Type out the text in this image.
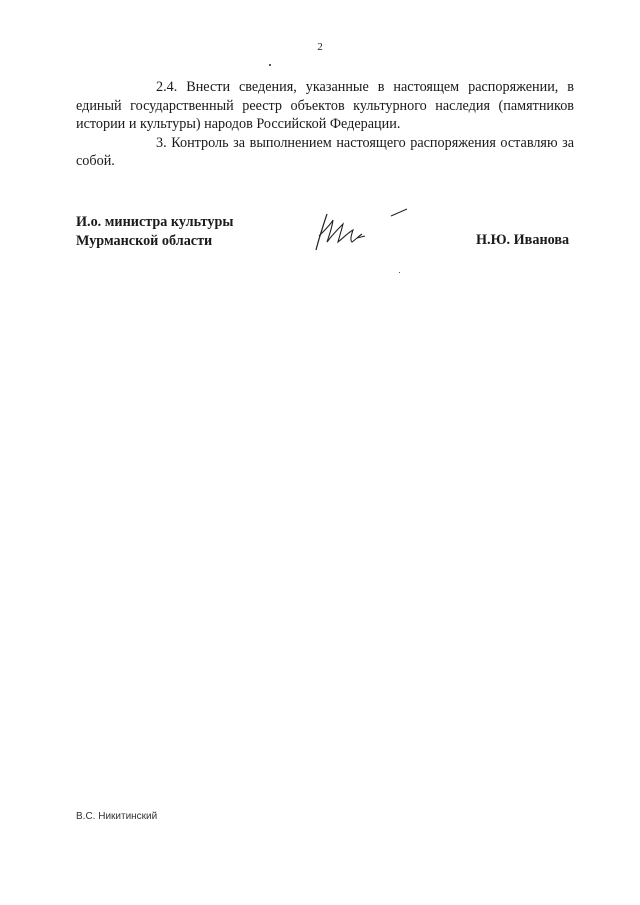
2

2.4. Внести сведения, указанные в настоящем распоряжении, в единый государственный реестр объектов культурного наследия (памятников истории и культуры) народов Российской Федерации.

3. Контроль за выполнением настоящего распоряжения оставляю за собой.

И.о. министра культуры
Мурманской области	Н.Ю. Иванова
В.С. Никитинский
